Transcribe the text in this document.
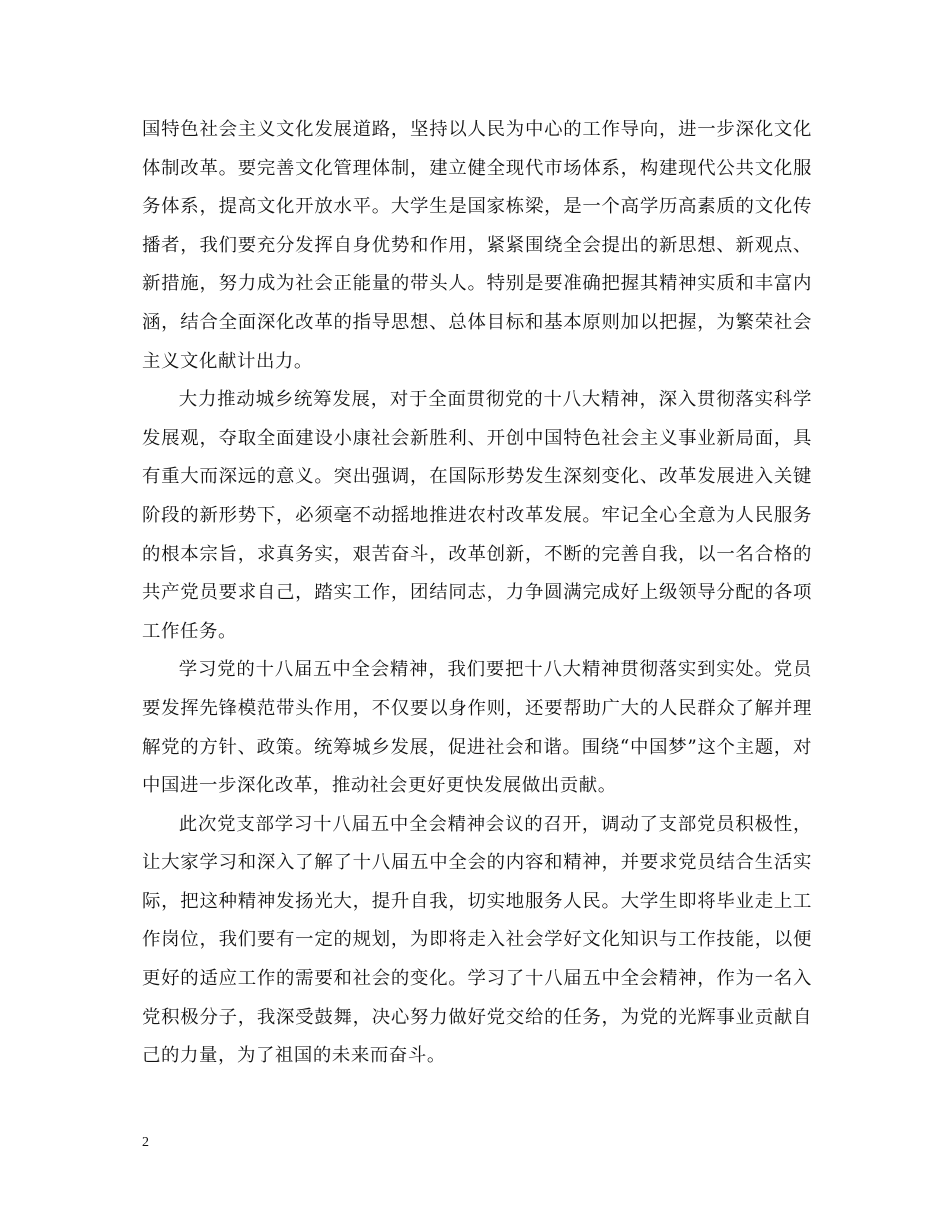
国特色社会主义文化发展道路，坚持以人民为中心的工作导向，进一步深化文化体制改革。要完善文化管理体制，建立健全现代市场体系，构建现代公共文化服务体系，提高文化开放水平。大学生是国家栋梁，是一个高学历高素质的文化传播者，我们要充分发挥自身优势和作用，紧紧围绕全会提出的新思想、新观点、新措施，努力成为社会正能量的带头人。特别是要准确把握其精神实质和丰富内涵，结合全面深化改革的指导思想、总体目标和基本原则加以把握，为繁荣社会主义文化献计出力。

大力推动城乡统筹发展，对于全面贯彻党的十八大精神，深入贯彻落实科学发展观，夺取全面建设小康社会新胜利、开创中国特色社会主义事业新局面，具有重大而深远的意义。突出强调，在国际形势发生深刻变化、改革发展进入关键阶段的新形势下，必须毫不动摇地推进农村改革发展。牢记全心全意为人民服务的根本宗旨，求真务实，艰苦奋斗，改革创新，不断的完善自我，以一名合格的共产党员要求自己，踏实工作，团结同志，力争圆满完成好上级领导分配的各项工作任务。

学习党的十八届五中全会精神，我们要把十八大精神贯彻落实到实处。党员要发挥先锋模范带头作用，不仅要以身作则，还要帮助广大的人民群众了解并理解党的方针、政策。统筹城乡发展，促进社会和谐。围绕“中国梦”这个主题，对中国进一步深化改革，推动社会更好更快发展做出贡献。

此次党支部学习十八届五中全会精神会议的召开，调动了支部党员积极性，让大家学习和深入了解了十八届五中全会的内容和精神，并要求党员结合生活实际，把这种精神发扬光大，提升自我，切实地服务人民。大学生即将毕业走上工作岗位，我们要有一定的规划，为即将走入社会学好文化知识与工作技能，以便更好的适应工作的需要和社会的变化。学习了十八届五中全会精神，作为一名入党积极分子，我深受鼓舞，决心努力做好党交给的任务，为党的光辉事业贡献自己的力量，为了祖国的未来而奋斗。

2
